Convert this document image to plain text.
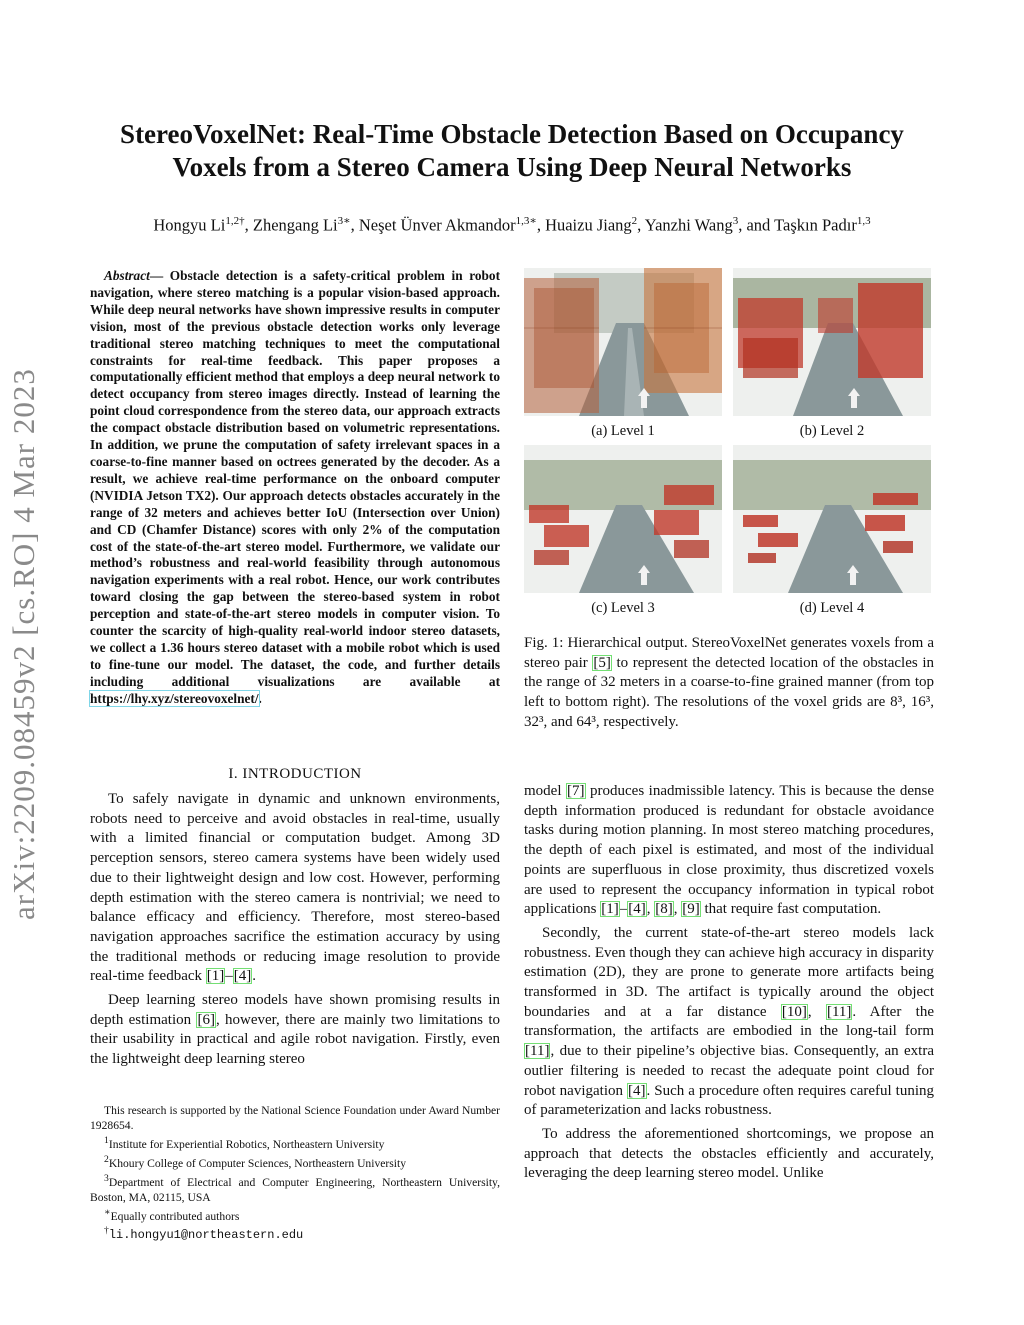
StereoVoxelNet: Real-Time Obstacle Detection Based on Occupancy
Voxels from a Stereo Camera Using Deep Neural Networks
Hongyu $Li^{1,2\dagger}$, Zhengang $Li^{3∗}$, Neşet Ünver Akmandor$^{1,3∗}$, Huaizu Jiang$^2$, Yanzhi Wang$^3$, and Taşkın Padır$^{1,3}$
arXiv:2209.08459v2 [cs.RO] 4 Mar 2023
Abstract— Obstacle detection is a safety-critical problem in robot navigation, where stereo matching is a popular vision-based approach. While deep neural networks have shown impressive results in computer vision, most of the previous obstacle detection works only leverage traditional stereo matching techniques to meet the computational constraints for real-time feedback. This paper proposes a computationally efficient method that employs a deep neural network to detect occupancy from stereo images directly. Instead of learning the point cloud correspondence from the stereo data, our approach extracts the compact obstacle distribution based on volumetric representations. In addition, we prune the computation of safety irrelevant spaces in a coarse-to-fine manner based on octrees generated by the decoder. As a result, we achieve real-time performance on the onboard computer (NVIDIA Jetson TX2). Our approach detects obstacles accurately in the range of 32 meters and achieves better IoU (Intersection over Union) and CD (Chamfer Distance) scores with only 2% of the computation cost of the state-of-the-art stereo model. Furthermore, we validate our method’s robustness and real-world feasibility through autonomous navigation experiments with a real robot. Hence, our work contributes toward closing the gap between the stereo-based system in robot perception and state-of-the-art stereo models in computer vision. To counter the scarcity of high-quality real-world indoor stereo datasets, we collect a 1.36 hours stereo dataset with a mobile robot which is used to fine-tune our model. The dataset, the code, and further details including additional visualizations are available at https://lhy.xyz/stereovoxelnet/.
I. INTRODUCTION

To safely navigate in dynamic and unknown environments, robots need to perceive and avoid obstacles in real-time, usually with a limited financial or computation budget. Among 3D perception sensors, stereo camera systems have been widely used due to their lightweight design and low cost. However, performing depth estimation with the stereo camera is nontrivial; we need to balance efficacy and efficiency. Therefore, most stereo-based navigation approaches sacrifice the estimation accuracy by using the traditional methods or reducing image resolution to provide real-time feedback [1]–[4].

Deep learning stereo models have shown promising results in depth estimation [6], however, there are mainly two limitations to their usability in practical and agile robot navigation. Firstly, even the lightweight deep learning stereo

This research is supported by the National Science Foundation under Award Number 1928654.

$^1$Institute for Experiential Robotics, Northeastern University

$^2$Khoury College of Computer Sciences, Northeastern University

$^3$Department of Electrical and Computer Engineering, Northeastern University, Boston, MA, 02115, USA

∗Equally contributed authors

†li.hongyu1@northeastern.edu

(a) Level 1	(b) Level 2
(c) Level 3	(d) Level 4
Fig. 1: Hierarchical output. StereoVoxelNet generates voxels from a stereo pair [5] to represent the detected location of the obstacles in the range of 32 meters in a coarse-to-fine grained manner (from top left to bottom right). The resolutions of the voxel grids are 8³, 16³, 32³, and 64³, respectively.

model [7] produces inadmissible latency. This is because the dense depth information produced is redundant for obstacle avoidance tasks during motion planning. In most stereo matching procedures, the depth of each pixel is estimated, and most of the individual points are superfluous in close proximity, thus discretized voxels are used to represent the occupancy information in typical robot applications [1]–[4], [8], [9] that require fast computation.

Secondly, the current state-of-the-art stereo models lack robustness. Even though they can achieve high accuracy in disparity estimation (2D), they are prone to generate more artifacts being transformed in 3D. The artifact is typically around the object boundaries and at a far distance [10], [11]. After the transformation, the artifacts are embodied in the long-tail form [11], due to their pipeline’s objective bias. Consequently, an extra outlier filtering is needed to recast the adequate point cloud for robot navigation [4]. Such a procedure often requires careful tuning of parameterization and lacks robustness.

To address the aforementioned shortcomings, we propose an approach that detects the obstacles efficiently and accurately, leveraging the deep learning stereo model. Unlike
